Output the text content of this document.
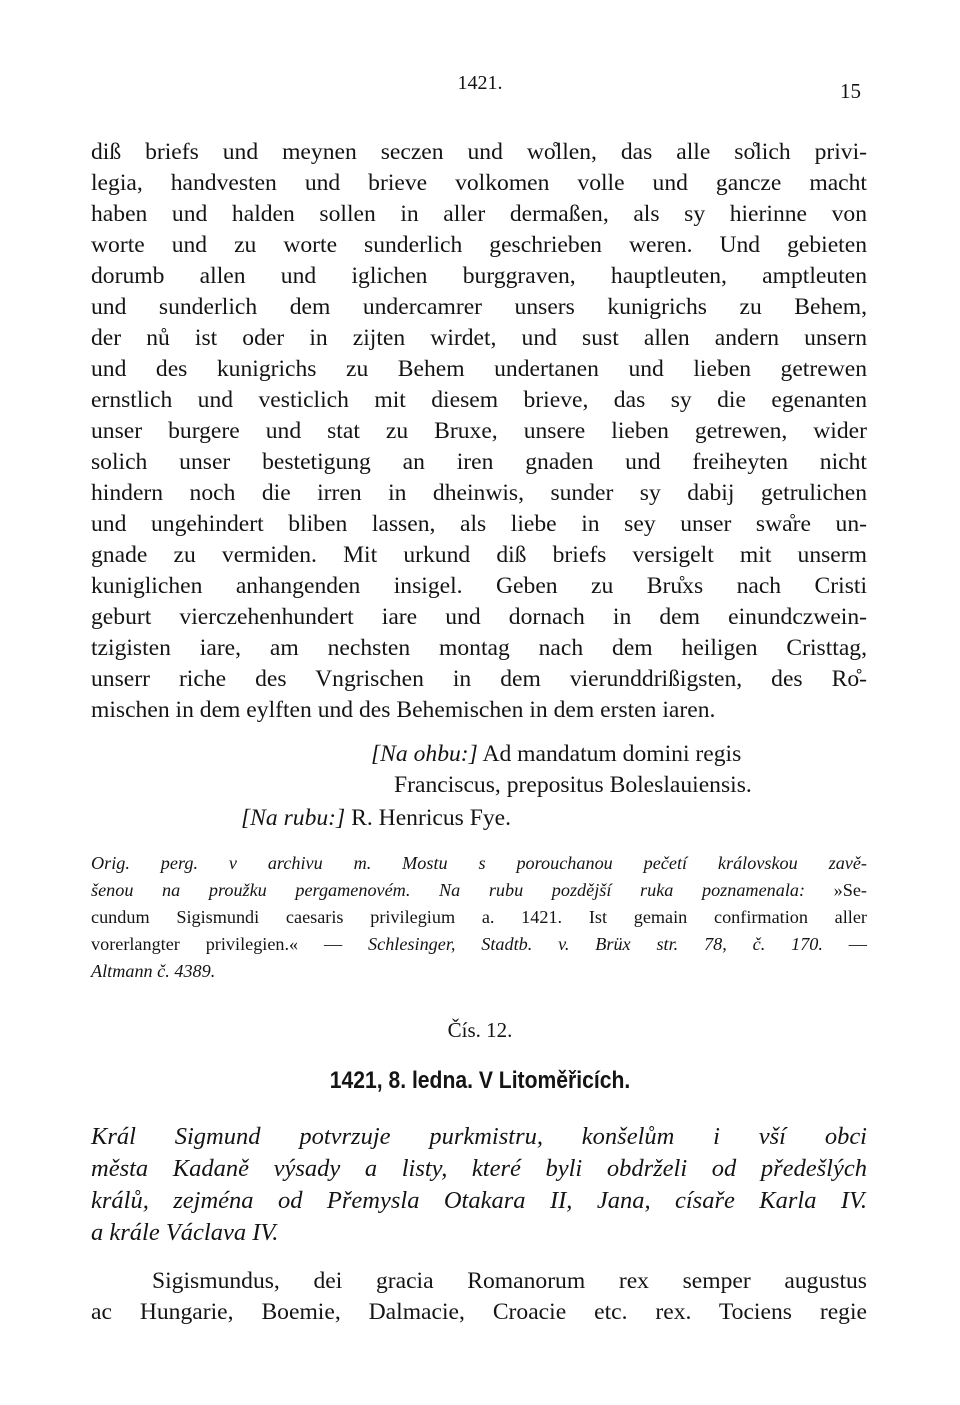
1421.	15
diß briefs und meynen seczen und wo͏̊llen, das alle so͏̊lich privi-
legia, handvesten und brieve volkomen volle und gancze macht
haben und halden sollen in aller dermaßen, als sy hierinne von
worte und zu worte sunderlich geschrieben weren. Und gebieten
dorumb allen und iglichen burggraven, hauptleuten, amptleuten
und sunderlich dem undercamrer unsers kunigrichs zu Behem,
der nů ist oder in zijten wirdet, und sust allen andern unsern
und des kunigrichs zu Behem undertanen und lieben getrewen
ernstlich und vesticlich mit diesem brieve, das sy die egenanten
unser burgere und stat zu Bruxe, unsere lieben getrewen, wider
solich unser bestetigung an iren gnaden und freiheyten nicht
hindern noch die irren in dheinwis, sunder sy dabij getrulichen
und ungehindert bliben lassen, als liebe in sey unser swa͏̊re un-
gnade zu vermiden. Mit urkund diß briefs versigelt mit unserm
kuniglichen anhangenden insigel. Geben zu Bru͏̊xs nach Cristi
geburt vierczehenhundert iare und dornach in dem einundczwein-
tzigisten iare, am nechsten montag nach dem heiligen Cristtag,
unserr riche des Vngrischen in dem vierunddrißigsten, des Ro͏̊-
mischen in dem eylften und des Behemischen in dem ersten iaren.
[Na ohbu:] Ad mandatum domini regis
Franciscus, prepositus Boleslauiensis.
[Na rubu:] R. Henricus Fye.
Orig. perg. v archivu m. Mostu s porouchanou pečetí královskou zavě-
šenou na proužku pergamenovém. Na rubu pozdější ruka poznamenala: »Se-
cundum Sigismundi caesaris privilegium a. 1421. Ist gemain confirmation aller
vorerlangter privilegien.« — Schlesinger, Stadtb. v. Brüx str. 78, č. 170. —
Altmann č. 4389.
Čís. 12.
1421, 8. ledna. V Litoměřicích.
Král Sigmund potvrzuje purkmistru, konšelům i vší obci
města Kadaně výsady a listy, které byli obdrželi od předešlých
králů, zejména od Přemysla Otakara II, Jana, císaře Karla IV.
a krále Václava IV.
Sigismundus, dei gracia Romanorum rex semper augustus
ac Hungarie, Boemie, Dalmacie, Croacie etc. rex. Tociens regie
